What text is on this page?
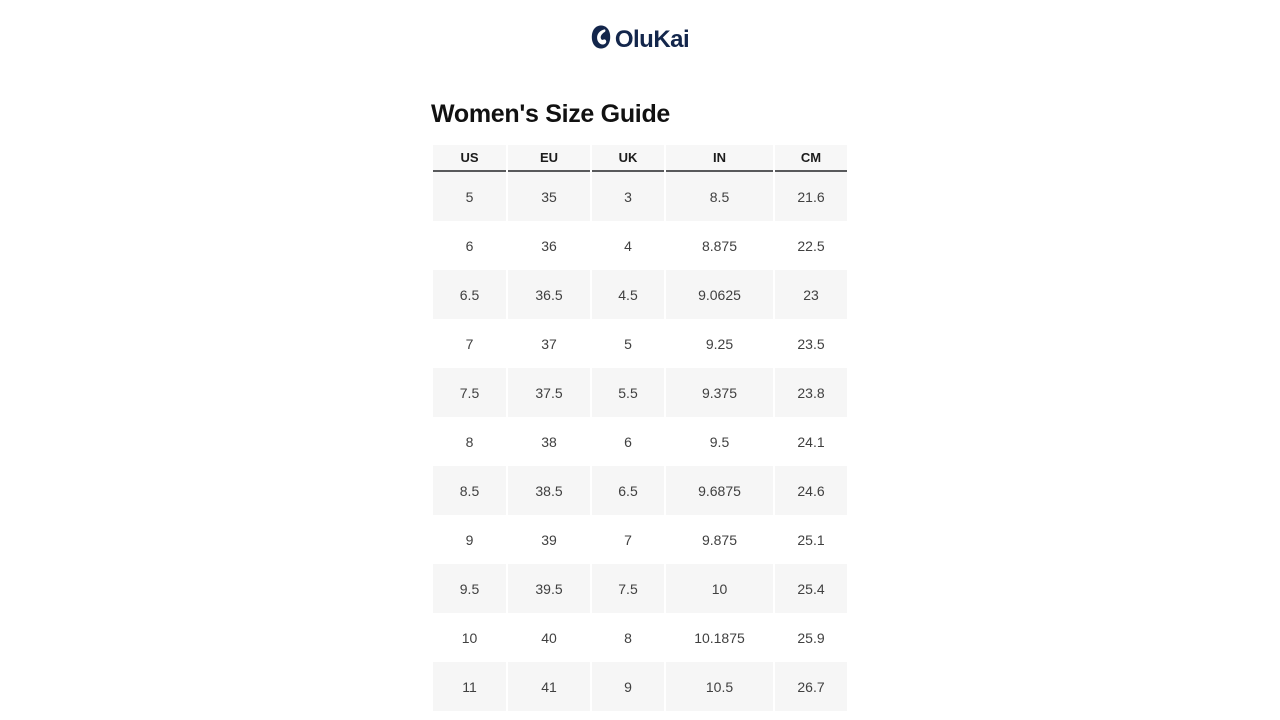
OluKai
Women's Size Guide
US	EU	UK	IN	CM
5	35	3	8.5	21.6
6	36	4	8.875	22.5
6.5	36.5	4.5	9.0625	23
7	37	5	9.25	23.5
7.5	37.5	5.5	9.375	23.8
8	38	6	9.5	24.1
8.5	38.5	6.5	9.6875	24.6
9	39	7	9.875	25.1
9.5	39.5	7.5	10	25.4
10	40	8	10.1875	25.9
11	41	9	10.5	26.7
